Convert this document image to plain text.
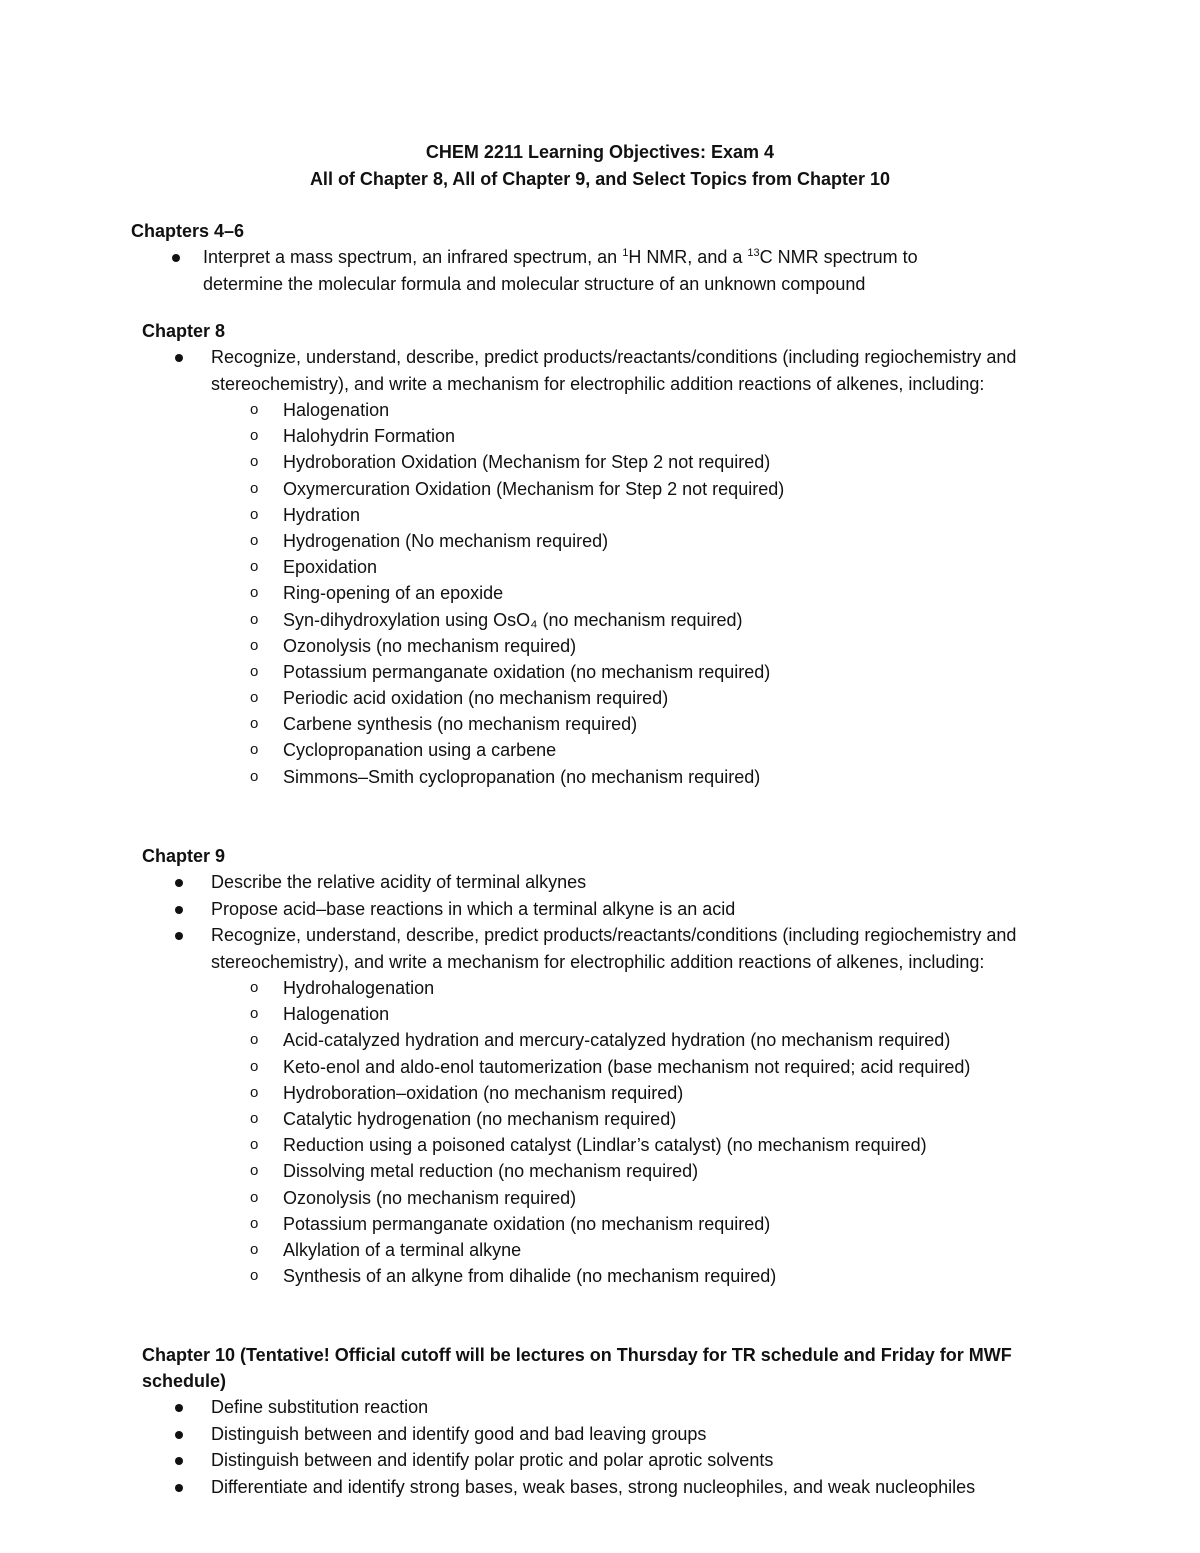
CHEM 2211 Learning Objectives: Exam 4
All of Chapter 8, All of Chapter 9, and Select Topics from Chapter 10
Chapters 4–6
Interpret a mass spectrum, an infrared spectrum, an $^1$H NMR, and a $^{13}$C NMR spectrum to
determine the molecular formula and molecular structure of an unknown compound
Chapter 8
Recognize, understand, describe, predict products/reactants/conditions (including regiochemistry and stereochemistry), and write a mechanism for electrophilic addition reactions of alkenes, including:
o Halogenation
o Halohydrin Formation
o Hydroboration Oxidation (Mechanism for Step 2 not required)
o Oxymercuration Oxidation (Mechanism for Step 2 not required)
o Hydration
o Hydrogenation (No mechanism required)
o Epoxidation
o Ring-opening of an epoxide
o Syn-dihydroxylation using OsO₄ (no mechanism required)
o Ozonolysis (no mechanism required)
o Potassium permanganate oxidation (no mechanism required)
o Periodic acid oxidation (no mechanism required)
o Carbene synthesis (no mechanism required)
o Cyclopropanation using a carbene
o Simmons–Smith cyclopropanation (no mechanism required)
Chapter 9
Describe the relative acidity of terminal alkynes
Propose acid–base reactions in which a terminal alkyne is an acid
Recognize, understand, describe, predict products/reactants/conditions (including regiochemistry and stereochemistry), and write a mechanism for electrophilic addition reactions of alkenes, including:
o Hydrohalogenation
o Halogenation
o Acid-catalyzed hydration and mercury-catalyzed hydration (no mechanism required)
o Keto-enol and aldo-enol tautomerization (base mechanism not required; acid required)
o Hydroboration–oxidation (no mechanism required)
o Catalytic hydrogenation (no mechanism required)
o Reduction using a poisoned catalyst (Lindlar’s catalyst) (no mechanism required)
o Dissolving metal reduction (no mechanism required)
o Ozonolysis (no mechanism required)
o Potassium permanganate oxidation (no mechanism required)
o Alkylation of a terminal alkyne
o Synthesis of an alkyne from dihalide (no mechanism required)
Chapter 10 (Tentative! Official cutoff will be lectures on Thursday for TR schedule and Friday for MWF schedule)
Define substitution reaction
Distinguish between and identify good and bad leaving groups
Distinguish between and identify polar protic and polar aprotic solvents
Differentiate and identify strong bases, weak bases, strong nucleophiles, and weak nucleophiles
